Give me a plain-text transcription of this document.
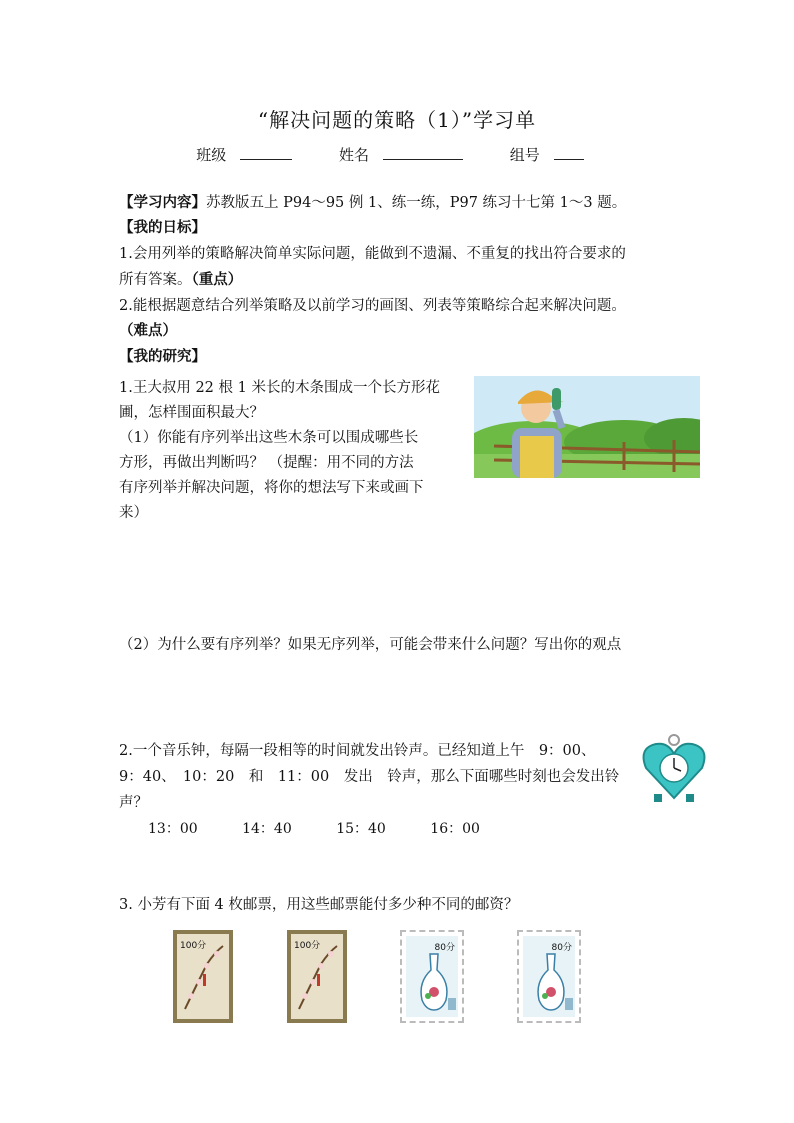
“解决问题的策略（1）”学习单
班级	姓名	组号
【学习内容】苏教版五上 P94～95 例 1、练一练，P97 练习十七第 1～3 题。
【我的日标】
1.会用列举的策略解决简单实际问题，能做到不遗漏、不重复的找出符合要求的
所有答案。（重点）
2.能根据题意结合列举策略及以前学习的画图、列表等策略综合起来解决问题。
（难点）
【我的研究】
1.王大叔用 22 根 1 米长的木条围成一个长方形花
圃，怎样围面积最大？
（1）你能有序列举出这些木条可以围成哪些长
方形，再做出判断吗？ （提醒：用不同的方法
有序列举并解决问题，将你的想法写下来或画下
来）
（2）为什么要有序列举？如果无序列举，可能会带来什么问题？写出你的观点
2.一个音乐钟，每隔一段相等的时间就发出铃声。已经知道上午　9：00、
9：40、　10：20　和　11：00　发出　铃声，那么下面哪些时刻也会发出铃
声？
13：00	14：40	15：40	16：00
3. 小芳有下面 4 枚邮票，用这些邮票能付多少种不同的邮资？
100分	100分	80分	80分
